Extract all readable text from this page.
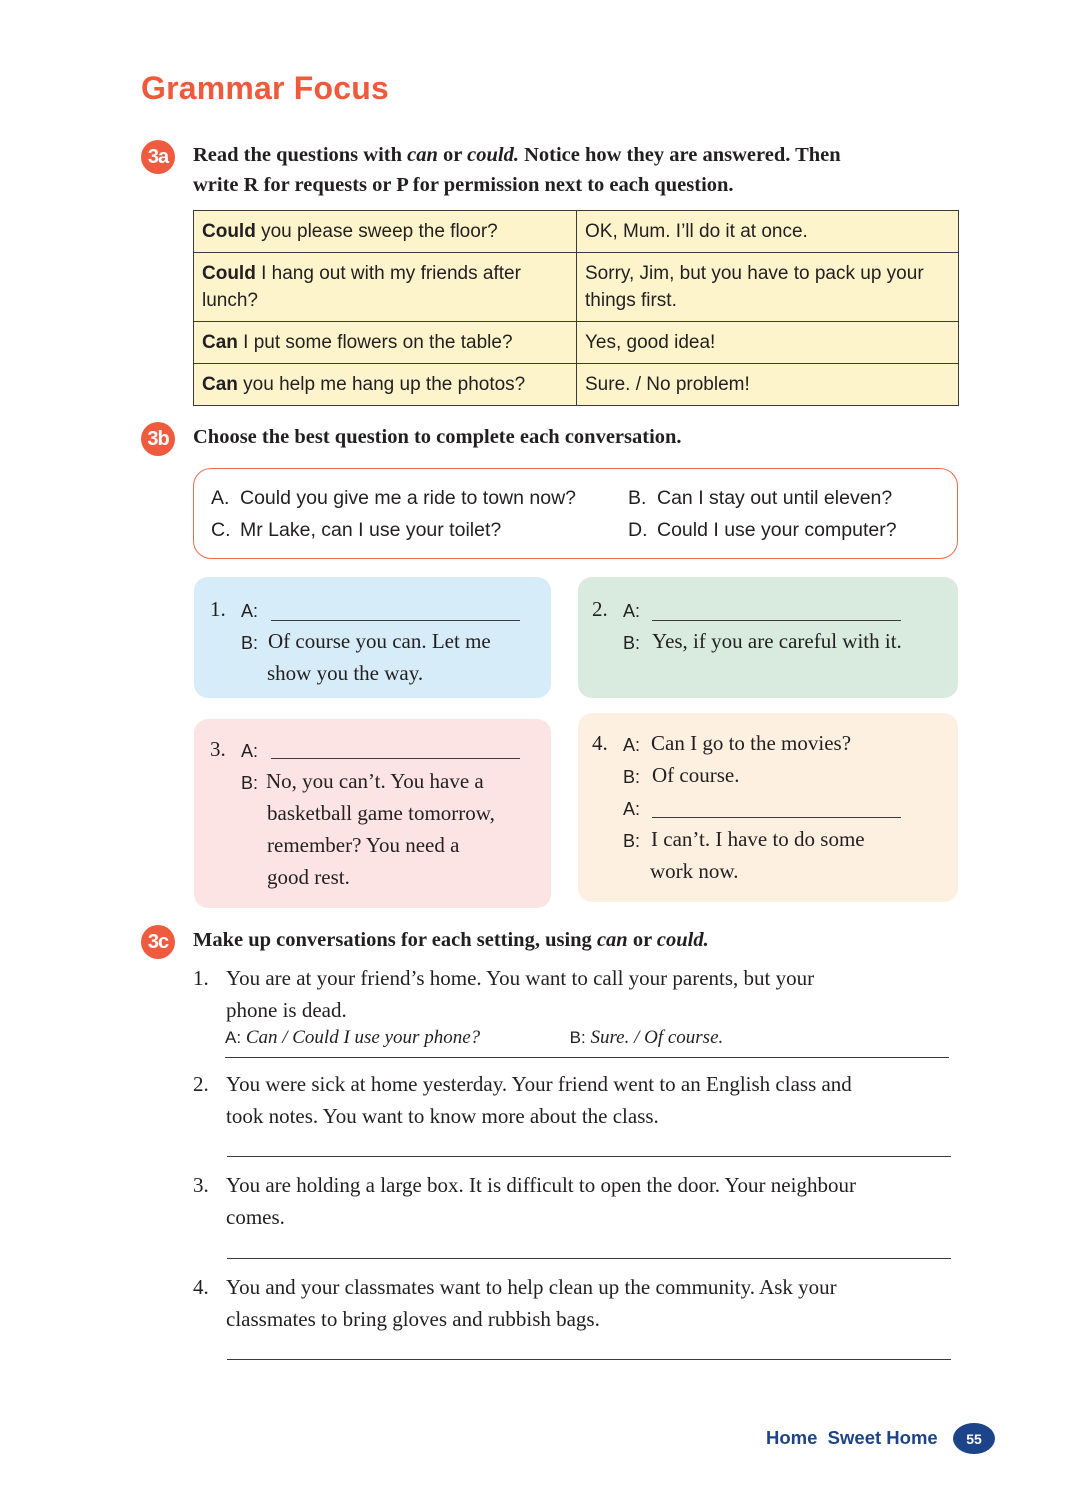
Grammar Focus
3a	Read the questions with can or could. Notice how they are answered. Then
write R for requests or P for permission next to each question.
Could you please sweep the floor?	OK, Mum. I’ll do it at once.
Could I hang out with my friends after lunch?	Sorry, Jim, but you have to pack up your things first.
Can I put some flowers on the table?	Yes, good idea!
Can you help me hang up the photos?	Sure. / No problem!
3b	Choose the best question to complete each conversation.
A. Could you give me a ride to town now?	B. Can I stay out until eleven?
C. Mr Lake, can I use your toilet?	D. Could I use your computer?
1. A:
B: Of course you can. Let me
show you the way.
2. A:
B: Yes, if you are careful with it.
3. A:
B: No, you can’t. You have a
basketball game tomorrow,
remember? You need a
good rest.
4. A: Can I go to the movies?
B: Of course.
A:
B: I can’t. I have to do some
work now.
3c	Make up conversations for each setting, using can or could.
1. You are at your friend’s home. You want to call your parents, but your
phone is dead.
A: Can / Could I use your phone?	B: Sure. / Of course.
2. You were sick at home yesterday. Your friend went to an English class and
took notes. You want to know more about the class.
3. You are holding a large box. It is difficult to open the door. Your neighbour
comes.
4. You and your classmates want to help clean up the community. Ask your
classmates to bring gloves and rubbish bags.
Home  Sweet Home	55
